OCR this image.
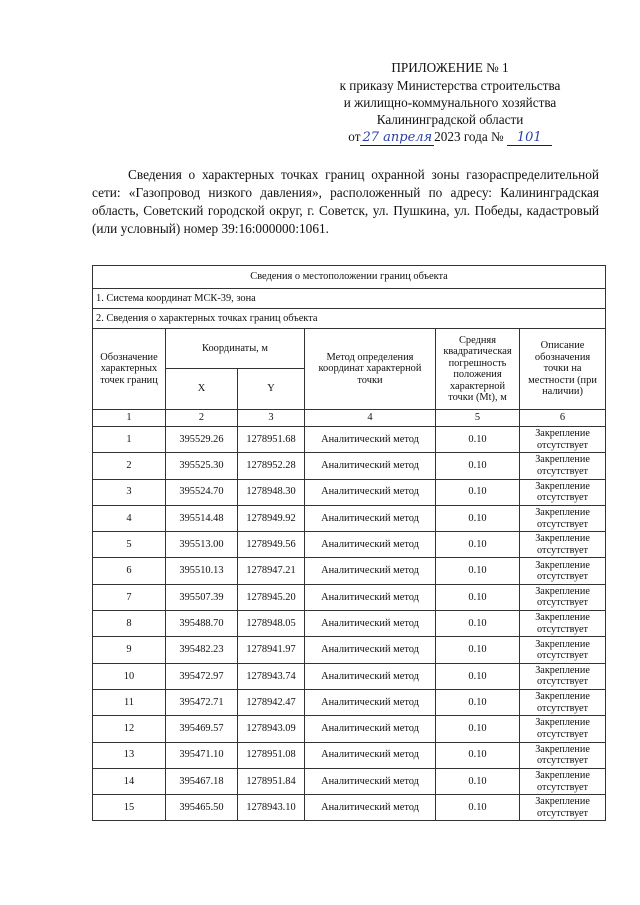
ПРИЛОЖЕНИЕ № 1
к приказу Министерства строительства
и жилищно-коммунального хозяйства
Калининградской области
от 27 апреля 2023 года № 101
Сведения о характерных точках границ охранной зоны газораспределительной сети: «Газопровод низкого давления», расположенный по адресу: Калининградская область, Советский городской округ, г. Советск, ул. Пушкина, ул. Победы, кадастровый (или условный) номер 39:16:000000:1061.
Сведения о местоположении границ объекта					
1. Система координат МСК-39, зона					
2. Сведения о характерных точках границ объекта					
Обозначение характерных точек границ	Координаты, м		Метод определения координат характерной точки	Средняя квадратическая погрешность положения характерной точки (Mt), м	Описание обозначения точки на местности (при наличии)
	X	Y			
1	2	3	4	5	6
1	395529.26	1278951.68	Аналитический метод	0.10	Закрепление отсутствует
2	395525.30	1278952.28	Аналитический метод	0.10	Закрепление отсутствует
3	395524.70	1278948.30	Аналитический метод	0.10	Закрепление отсутствует
4	395514.48	1278949.92	Аналитический метод	0.10	Закрепление отсутствует
5	395513.00	1278949.56	Аналитический метод	0.10	Закрепление отсутствует
6	395510.13	1278947.21	Аналитический метод	0.10	Закрепление отсутствует
7	395507.39	1278945.20	Аналитический метод	0.10	Закрепление отсутствует
8	395488.70	1278948.05	Аналитический метод	0.10	Закрепление отсутствует
9	395482.23	1278941.97	Аналитический метод	0.10	Закрепление отсутствует
10	395472.97	1278943.74	Аналитический метод	0.10	Закрепление отсутствует
11	395472.71	1278942.47	Аналитический метод	0.10	Закрепление отсутствует
12	395469.57	1278943.09	Аналитический метод	0.10	Закрепление отсутствует
13	395471.10	1278951.08	Аналитический метод	0.10	Закрепление отсутствует
14	395467.18	1278951.84	Аналитический метод	0.10	Закрепление отсутствует
15	395465.50	1278943.10	Аналитический метод	0.10	Закрепление отсутствует
